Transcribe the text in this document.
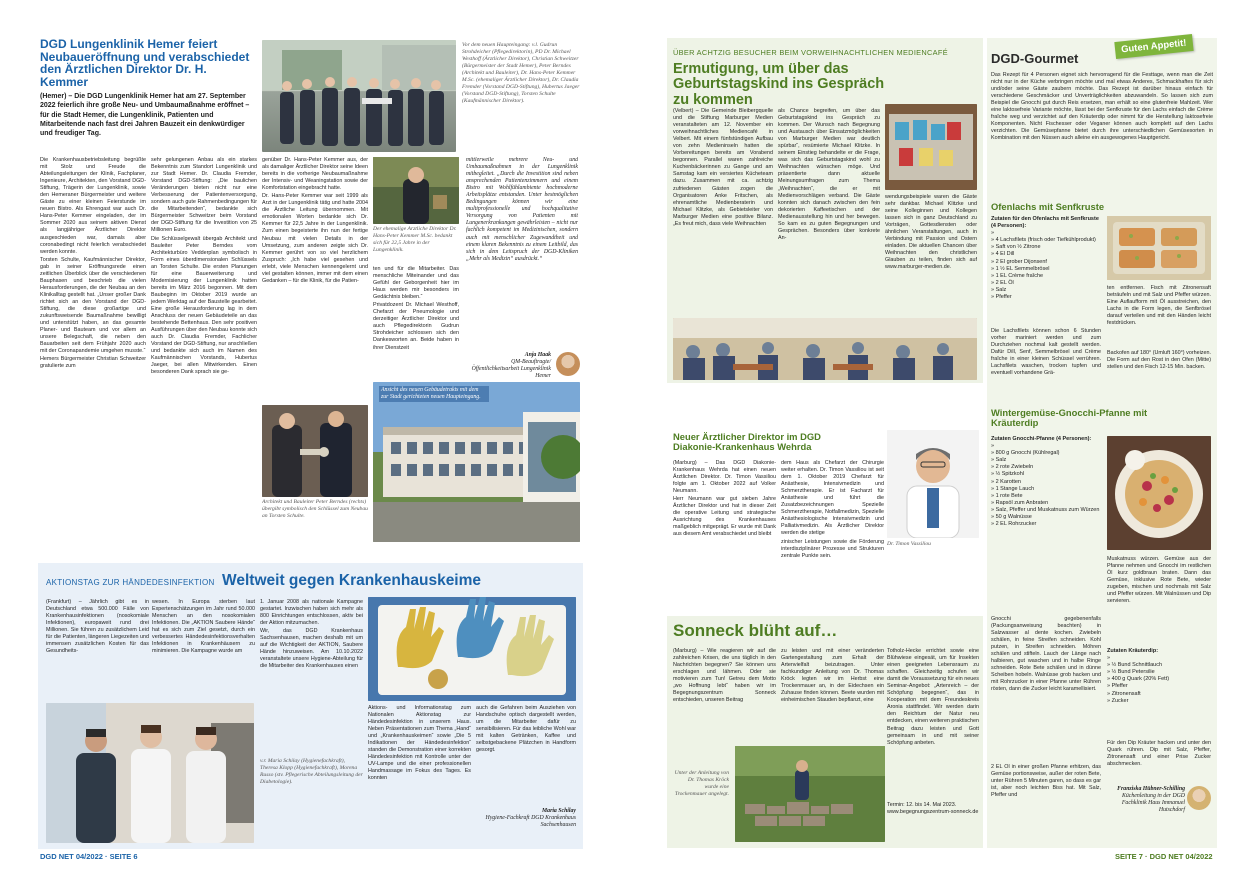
DGD Lungenklinik Hemer feiert Neubaueröffnung und verabschiedet den Ärztlichen Direktor Dr. H. Kemmer
(Hemer) – Die DGD Lungenklinik Hemer hat am 27. September 2022 feierlich ihre große Neu- und Umbaumaßnahme eröffnet – für die Stadt Hemer, die Lungenklinik, Patienten und Mitarbeitende nach fast drei Jahren Bauzeit ein denkwürdiger und freudiger Tag.
Vor dem neuen Haupteingang: v.l. Gudrun Strohdeicher (Pflegedirektorin), PD Dr. Michael Westhoff (Ärztlicher Direktor), Christian Schweitzer (Bürgermeister der Stadt Hemer), Peter Berndes (Architekt und Bauleiter), Dr. Hans-Peter Kemmer M.Sc. (ehemaliger Ärztlicher Direktor), Dr. Claudia Fremder (Vorstand DGD-Stiftung), Hubertus Jaeger (Vorstand DGD-Stiftung), Torsten Schulte (Kaufmännischer Direktor).

Die Krankenhausbetriebsleitung begrüßte mit Stolz und Freude die Abteilungsleitungen der Klinik, Fachplaner, Ingenieure, Architekten, den Vorstand DGD-Stiftung, Trägerin der Lungenklinik, sowie den Hemeraner Bürgermeister und weitere Gäste zu einer kleinen Feierstunde im neuen Bistro. Als Ehrengast war auch Dr. Hans-Peter Kemmer eingeladen, der im Sommer 2020 aus seinem aktiven Dienst als langjähriger Ärztlicher Direktor ausgeschieden war, damals aber coronabedingt nicht feierlich verabschiedet werden konnte.

Torsten Schulte, Kaufmännischer Direktor, gab in seiner Eröffnungsrede einen zeitlichen Überblick über die verschiedenen Bauphasen und beschrieb die vielen Herausforderungen, die der Neubau an den Klinikalltag gestellt hat. „Unser großer Dank richtet sich an den Vorstand der DGD-Stiftung, die diese großartige und zukunftsweisende Baumaßnahme bewilligt und unterstützt haben, an das gesamte Planer- und Bauteam und vor allem an unsere Belegschaft, die neben den Bauarbeiten seit dem Frühjahr 2020 auch mit der Coronapandemie umgehen musste.“

Hemers Bürgermeister Christian Schweitzer gratulierte zum

sehr gelungenen Anbau als ein starkes Bekenntnis zum Standort Lungenklinik und zur Stadt Hemer. Dr. Claudia Fremder, Vorstand DGD-Stiftung: „Die baulichen Veränderungen bieten nicht nur eine Verbesserung der Patientenversorgung, sondern auch gute Rahmenbedingungen für die Mitarbeitenden“, bedankte sich Bürgermeister Schweitzer beim Vorstand der DGD-Stiftung für die Investition von 25 Millionen Euro.

Die Schlüsselgewalt übergab Architekt und Bauleiter Peter Berndes vom Architekturbüro Vedderplan symbolisch in Form eines überdimensionalen Schlüssels an Torsten Schulte. Die ersten Planungen für eine Bauerweiterung und Modernisierung der Lungenklinik hatten bereits im März 2016 begonnen. Mit dem Baubeginn im Oktober 2019 wurde an jedem Werktag auf der Baustelle gearbeitet. Eine große Herausforderung lag in dem Anschluss der neuen Gebäudeteile an das bestehende Bettenhaus. Den sehr positiven Ausführungen über den Neubau konnte sich auch Dr. Claudia Fremder, Fachlicher Vorstand der DGD-Stiftung, nur anschließen und bedankte sich auch im Namen des Kaufmännischen Vorstands, Hubertus Jaeger, bei allen Mitwirkenden. Einen besonderen Dank sprach sie ge-

genüber Dr. Hans-Peter Kemmer aus, der als damaliger Ärztlicher Direktor seine Ideen bereits in die vorherige Neubaumaßnahme der Intensiv- und Weaningstation sowie der Komfortstation eingebracht hatte.

Dr. Hans-Peter Kemmer war seit 1999 als Arzt in der Lungenklinik tätig und hatte 2004 die Ärztliche Leitung übernommen. Mit emotionalen Worten bedankte sich Dr. Kemmer für 22,5 Jahre in der Lungenklinik. Zum einen begeisterte ihn nun der fertige Neubau mit vielen Details in der Umsetzung, zum anderen zeigte sich Dr. Kemmer gerührt von so viel herzlichem Zuspruch: „Ich habe viel gesehen und erlebt, viele Menschen kennengelernt und viel gestalten können, immer mit dem einen Gedanken – für die Klinik, für die Patien-

Architekt und Bauleiter Peter Berndes (rechts) übergibt symbolisch den Schlüssel zum Neubau an Torsten Schulte.
Der ehemalige Ärztliche Direktor Dr. Hans-Peter Kemmer M.Sc. bedankt sich für 22,5 Jahre in der Lungenklinik.

ten und für die Mitarbeiter. Das menschliche Miteinander und das Gefühl der Geborgenheit hier im Haus werden mir besonders im Gedächtnis bleiben.“

Privatdozent Dr. Michael Westhoff, Chefarzt der Pneumologie und derzeitiger Ärztlicher Direktor und auch Pflegedirektorin Gudrun Strohdeicher schlossen sich den Dankesworten an. Beide haben in ihrer Dienstzeit

mittlerweile mehrere Neu- und Umbaumaßnahmen in der Lungenklinik mitbegleitet. „Durch die Investition sind neben ansprechenden Patientenzimmern und einem Bistro mit Wohlfühlambiente hochmoderne Arbeitsplätze entstanden. Unter bestmöglichen Bedingungen können wir eine multiprofessionelle und hochqualitative Versorgung von Patienten mit Lungenerkrankungen gewährleisten – nicht nur fachlich kompetent im Medizinischen, sondern auch mit menschlicher Zugewandtheit und einem klaren Bekenntnis zu einem Leitbild, das sich in dem Leitspruch der DGD-Kliniken „Mehr als Medizin“ ausdrückt.“

Anja Haak
QM-Beauftragte/ Öffentlichkeitsarbeit Lungenklinik Hemer
Ansicht des neuen Gebäudetrakts mit dem zur Stadt gerichteten neuen Haupteingang.
AKTIONSTAG ZUR HÄNDEDESINFEKTION Weltweit gegen Krankenhauskeime
(Frankfurt) – Jährlich gibt es in Deutschland etwa 500.000 Fälle von Krankenhausinfektionen (nosokomiale Infektionen), europaweit rund drei Millionen. Sie führen zu zusätzlichem Leid für die Patienten, längeren Liegezeiten und immensen zusätzlichen Kosten für das Gesundheits-
wesen. In Europa sterben laut Expertenschätzungen im Jahr rund 50.000 Menschen an den nosokomialen Infektionen. Die „AKTION Saubere Hände“ hat es sich zum Ziel gesetzt, durch ein verbessertes Händedesinfektionsverhalten Infektionen in Krankenhäusern zu minimieren. Die Kampagne wurde am

1. Januar 2008 als nationale Kampagne gestartet. Inzwischen haben sich mehr als 800 Einrichtungen entschlossen, aktiv bei der Aktion mitzumachen.

Wir, das DGD Krankenhaus Sachsenhausen, machen deshalb mit um auf die Wichtigkeit der AKTION, Saubere Hände hinzuweisen. Am 10.10.2022 veranstaltete unsere Hygiene-Abteilung für die Mitarbeiter des Krankenhauses einen

v.r. Maria Schilay (Hygienefachkraft), Theresa Klopp (Hygienefachkraft), Morena Russo (stv. Pflegerische Abteilungsleitung der Diabetologie).
Aktions- und Informationstag zum Nationalen Aktionstag zur Händedesinfektion in unserem Haus. Neben Präsentationen zum Thema „Hand“ und „Krankenhauskeimen“ sowie „Die 5 Indikationen der Händedesinfektion“ standen die Demonstration einer korrekten Händedesinfektion mit Kontrolle unter der UV-Lampe und die einer professionellen Handmassage im Fokus des Tages. Es konnten
auch die Gefahren beim Ausziehen von Handschuhe optisch dargestellt werden, um die Mitarbeiter dafür zu sensibilisieren. Für das leibliche Wohl war mit kalten Getränken, Kaffee und selbstgebackene Plätzchen in Handform gesorgt.
Maria Schilay
Hygiene-Fachkraft DGD Krankenhaus Sachsenhausen
DGD NET 04/2022 · SEITE 6
ÜBER ACHTZIG BESUCHER BEIM VORWEIHNACHTLICHEN MEDIENCAFÉ
Ermutigung, um über das Geburtstagskind ins Gespräch zu kommen
(Velbert) – Die Gemeinde Bleibergquelle und die Stiftung Marburger Medien veranstalteten am 12. November ein vorweihnachtliches Mediencafé in Velbert. Mit einem fünfstündigen Aufbau von zehn Medieninseln hatten die Vorbereitungen bereits am Vorabend begonnen. Parallel waren zahlreiche Kuchenbäckerinnen zu Gange und am Samstag kam ein versiertes Kücheteam dazu. Zusammen mit ca. achtzig zufriedenen Gästen zogen die Organisatoren Anke Fritschen, als ehrenamtliche Medienberaterin und Michael Klitzke, als Gebietsleiter von Marburger Medien eine positive Bilanz. „Es freut mich, dass viele Weihnachten
als Chance begreifen, um über das Geburtstagskind ins Gespräch zu kommen. Der Wunsch nach Begegnung und Austausch über Einsatzmöglichkeiten von Marburger Medien war deutlich spürbar“, resümierte Michael Klitzke. In seinem Einstieg behandelte er die Frage, was sich das Geburtstagskind wohl zu Weihnachten wünschen möge. Und präsentierte dann aktuelle Meinungsumfragen zum Thema „Weihnachten“, die er mit Medienvorschlägen verband. Die Gäste konnten sich danach zwischen den fein dekorierten Kaffeetischen und der Medienausstellung hin und her bewegen. So kam es zu guten Begegnungen und Gesprächen. Besonders über konkrete An-
wendungsbeispiele waren die Gäste sehr dankbar. Michael Klitzke und seine Kolleginnen und Kollegen lassen sich in ganz Deutschland zu Vorträgen, Gottesdiensten oder ähnlichen Veranstaltungen, auch in Verbindung mit Passion und Ostern einladen. Die aktuellen Chancen über Weihnachten den christlichen Glauben zu teilen, finden sich auf www.marburger-medien.de.
Neuer Ärztlicher Direktor im DGD Diakonie-Krankenhaus Wehrda

(Marburg) – Das DGD Diakonie-Krankenhaus Wehrda hat einen neuen Ärztlichen Direktor. Dr. Timon Vassiliou folgte am 1. Oktober 2022 auf Volker Neumann.

Herr Neumann war gut sieben Jahre Ärztlicher Direktor und hat in dieser Zeit die operative Leitung und strategische Ausrichtung des Krankenhauses maßgeblich mitgeprägt. Er wurde mit Dank aus diesem Amt verabschiedet und bleibt

dem Haus als Chefarzt der Chirurgie weiter erhalten. Dr. Timon Vassiliou ist seit dem 1. Oktober 2019 Chefarzt für Anästhesie, Intensivmedizin und Schmerztherapie. Er ist Facharzt für Anästhesie und führt die Zusatzbezeichnungen Spezielle Schmerztherapie, Notfallmedizin, Spezielle Anästhesiologische Intensivmedizin und Palliativmedizin. Als Ärztlicher Direktor werden die stetige

zinischer Leistungen sowie die Förderung interdisziplinärer Prozesse und Strukturen zentrale Punkte sein.

Dr. Timon Vassiliou
Sonneck blüht auf…
(Marburg) – Wie reagieren wir auf die zahlreichen Krisen, die uns täglich in den Nachrichten begegnen? Sie können uns erschlagen und lähmen. Oder sie motivieren zum Tun! Getreu dem Motto „wo Hoffnung lebt“ haben wir im Begegnungszentrum Sonneck entschieden, unseren Beitrag
Unter der Anleitung von Dr. Thomas Kröck wurde eine Trockenmauer angelegt.
zu leisten und mit einer veränderten Gartengestaltung zum Erhalt der Artenvielfalt beizutragen. Unter fachkundiger Anleitung von Dr. Thomas Kröck legten wir im Herbst eine Trockenmauer an, in der Eidechsen ein Zuhause finden können. Beete wurden mit einheimischen Stauden bepflanzt, eine
Totholz-Hecke errichtet sowie eine Blühwiese eingesät, um für Insekten einen geeigneten Lebensraum zu schaffen. Gleichzeitig schufen wir damit die Voraussetzung für ein neues Seminar-Angebot: „Artenreich – der Schöpfung begegnen“, das in Kooperation mit dem Freundeskreis Aronia stattfindet. Wir werden darin den Reichtum der Natur neu entdecken, einen weiteren praktischen Beitrag dazu leisten und Gott gemeinsam in und mit seiner Schöpfung anbeten.
Termin: 12. bis 14. Mai 2023. www.begegnungszentrum-sonneck.de
DGD-Gourmet
Guten Appetit!
Das Rezept für 4 Personen eignet sich hervorragend für die Festtage, wenn man die Zeit nicht nur in der Küche verbringen möchte und mal etwas Anderes, Schmackhaftes für sich und/oder seine Gäste zaubern möchte. Das Rezept ist darüber hinaus einfach für verschiedene Geschmäcker und Unverträglichkeiten abzuwandeln. So lassen sich zum Beispiel die Gnocchi gut durch Reis ersetzen, man erhält so eine glutenfreie Mahlzeit. Wer eine laktosefreie Variante möchte, lässt bei der Senfkruste für den Lachs einfach die Crème fraîche weg und verzichtet auf den Kräuterdip oder nimmt für die Herstellung laktosefreie Komponenten. Nicht Fischesser oder Veganer können auch komplett auf den Lachs verzichten. Die Gemüsepfanne bietet durch ihre unterschiedlichen Gemüsesorten in Kombination mit den Nüssen auch alleine ein ausgewogenes Hauptgericht.
Ofenlachs mit Senfkruste

Zutaten für den Ofenlachs mit Senfkruste (4 Personen):

» » 4 Lachsfilets (frisch oder Tiefkühlprodukt)
» Saft von ½ Zitrone
» 4 El Dill
» 2 El grober Dijonsenf
» 1 ½ EL Semmelbrösel
» 1 EL Crème fraîche
» 2 EL Öl
» Salz
» Pfeffer
ten entfernen. Fisch mit Zitronensaft beträufeln und mit Salz und Pfeffer würzen. Eine Auflaufform mit Öl ausstreichen, den Lachs in die Form legen, die Senfbrösel darauf verteilen und mit den Händen leicht festdrücken.
Die Lachsfilets können schon 6 Stunden vorher mariniert werden und zum Durchziehen nochmal kalt gestellt werden. Dafür Dill, Senf, Semmelbrösel und Crème fraîche in einer kleinen Schüssel verrühren. Lachsfilets waschen, trocken tupfen und eventuell vorhandene Grä-
Backofen auf 180° (Umluft 160°) vorheizen. Die Form auf den Rost in den Ofen (Mitte) stellen und den Fisch 12-15 Min. backen.
Wintergemüse-Gnocchi-Pfanne mit Kräuterdip

Zutaten Gnocchi-Pfanne (4 Personen):

» » 800 g Gnocchi (Kühlregal)
» Salz
» 2 rote Zwiebeln
» ½ Spitzkohl
» 2 Karotten
» 1 Stange Lauch
» 1 rote Bete
» Rapsöl zum Anbraten
» Salz, Pfeffer und Muskatnuss zum Würzen
» 50 g Walnüsse
» 2 EL Rohrzucker
Muskatnuss würzen. Gemüse aus der Pfanne nehmen und Gnocchi im restlichen Öl kurz goldbraun braten. Dann das Gemüse, inklusive Rote Bete, wieder zugeben, mischen und nochmals mit Salz und Pfeffer würzen. Mit Walnüssen und Dip servieren.
Gnocchi gegebenenfalls (Packungsanweisung beachten) in Salzwasser al dente kochen. Zwiebeln schälen, in feine Streifen schneiden. Kohl putzen, in Streifen schneiden. Möhren schälen und stifteln. Lauch der Länge nach halbieren, gut waschen und in halbe Ringe schneiden. Rote Bete schälen und in dünne Scheiben hobeln. Walnüsse grob hacken und mit Rohrzucker in einer Pfanne unter Rühren rösten, dann die Zucker leicht karamellisiert.
2 EL Öl in einer großen Pfanne erhitzen, das Gemüse portionsweise, außer der roten Bete, unter Rühren 5 Minuten garen, so dass es gar ist, aber noch leichten Biss hat. Mit Salz, Pfeffer und

Zutaten Kräuterdip:

» » ½ Bund Schnittlauch
» ½ Bund Petersilie
» 400 g Quark (20% Fett)
» Pfeffer
» Zitronensaft
» Zucker
Für den Dip Kräuter hacken und unter den Quark rühren. Dip mit Salz, Pfeffer, Zitronensaft und einer Prise Zucker abschmecken.
Franziska Hübner-Schilling
Küchenleitung in der DGD Fachklinik Haus Immanuel Hutschdorf
SEITE 7 · DGD NET 04/2022
